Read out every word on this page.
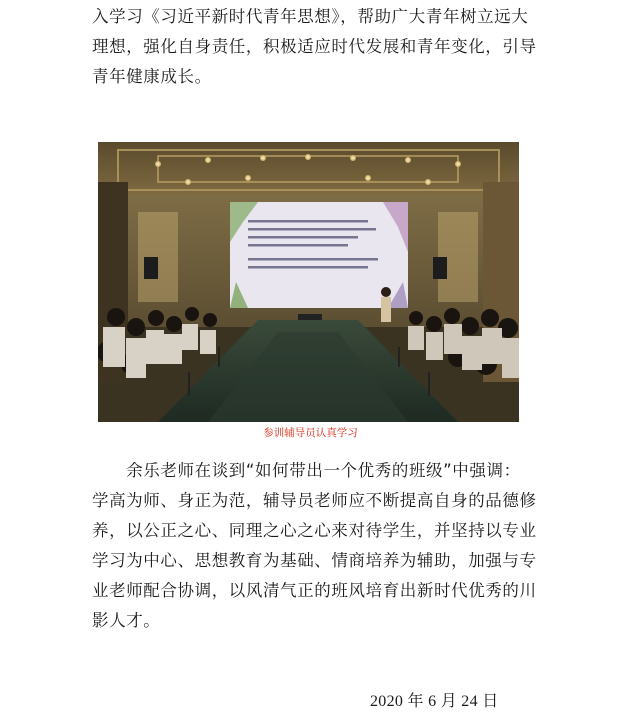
入学习《习近平新时代青年思想》，帮助广大青年树立远大

理想，强化自身责任，积极适应时代发展和青年变化，引导

青年健康成长。

参训辅导员认真学习

　　余乐老师在谈到“如何带出一个优秀的班级”中强调：

学高为师、身正为范，辅导员老师应不断提高自身的品德修

养，以公正之心、同理之心之心来对待学生，并坚持以专业

学习为中心、思想教育为基础、情商培养为辅助，加强与专

业老师配合协调，以风清气正的班风培育出新时代优秀的川

影人才。

2020 年 6 月 24 日
